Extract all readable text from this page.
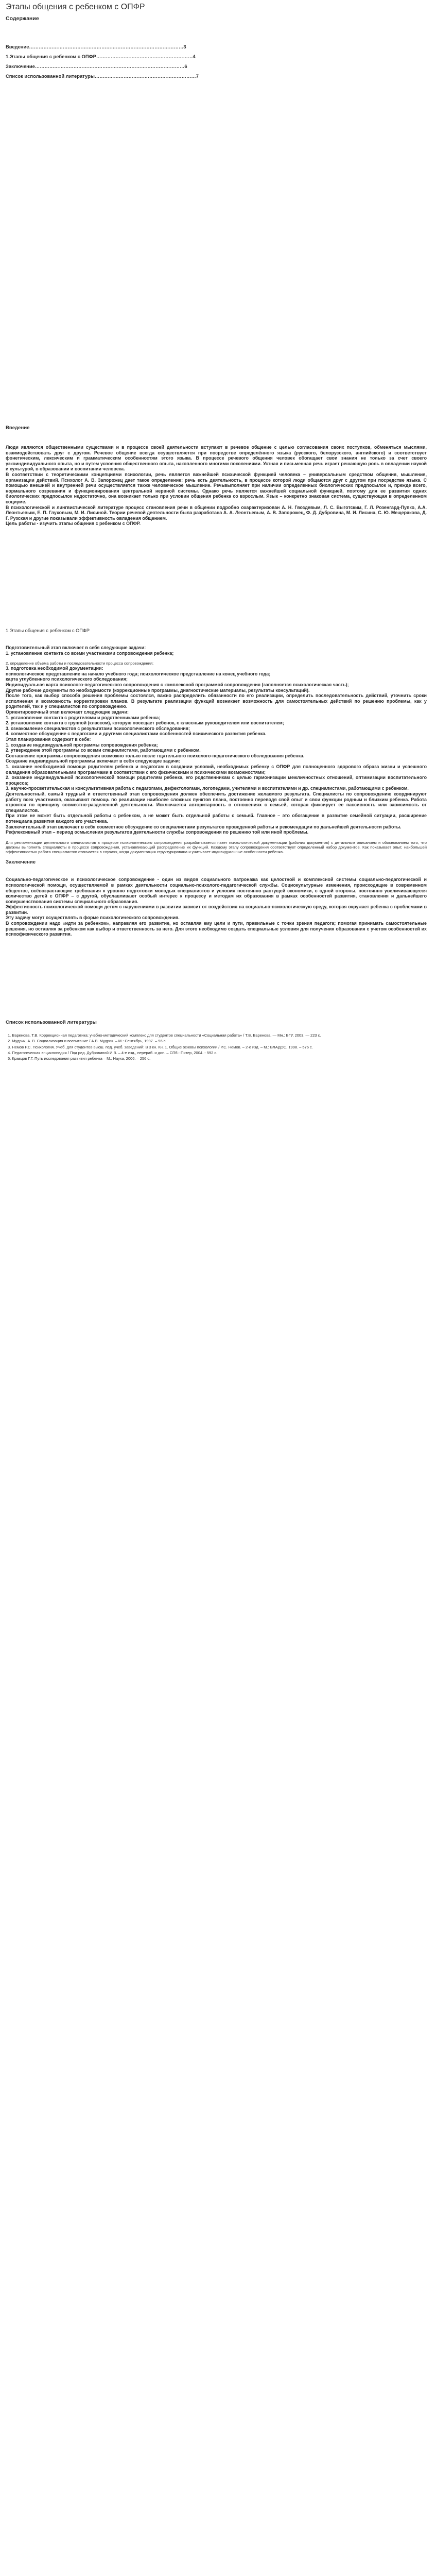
Этапы общения с ребенком с ОПФР
Содержание
Введение……………………………………………………………………………………3
1.Этапы общения с ребенком с ОПФР……………………………………………………4
Заключение…………………………………………………………………………………6
Список использованной литературы………………………………………………………7
Введение

Люди являются общественными существами и в процессе своей деятельности вступают в речевое общение с целью согласования своих поступков, обменяться мыслями, взаимодействовать друг с другом. Речевое общение всегда осуществляется при посредстве определённого языка (русского, белорусского, английского) и соответствует фонетическим, лексическим и грамматическим особенностям этого языка. В процессе речевого общения человек обогащает свои знания не только за счет своего узкоиндивидуального опыта, но и путем усвоения общественного опыта, накопленного многими поколениями. Устная и письменная речь играет решающую роль в овладении наукой и культурой, в образовании и воспитании человека.

В соответствии с теоретическими концепциями психологии, речь является важнейшей психической функцией человека – универсальным средством общения, мышления, организации действий. Психолог А. В. Запорожец дает такое определение: речь есть деятельность, в процессе которой люди общаются друг с другом при посредстве языка. С помощью внешней и внутренней речи осуществляется также человеческое мышление. Речьвыполняет при наличии определенных биологических предпосылок и, прежде всего, нормального созревания и функционирования центральной нервной системы. Однако речь является важнейшей социальной функцией, поэтому для ее развития одних биологических предпосылок недостаточно, она возникает только при условии общения ребенка со взрослым. Язык – конкретно знаковая система, существующая в определенном социуме.

В психологической и лингвистической литературе процесс становления речи в общении подробно охарактеризован А. Н. Гвоздевым, Л. С. Выготским, Г. Л. Розенгард-Пупко, А.А. Леонтьевым, Е. П. Глуховым, М. И. Лисиной. Теории речевой деятельности была разработана А. А. Леонтьевым, А. В. Запорожец, Ф. Д. Дубровина, М. И. Лисина, С. Ю. Мещерякова, Д. Г. Рузская и другие показывали эффективность овладения общением.

Цель работы - изучить этапы общения с ребенком с ОПФР.

1.Этапы общения с ребенком с ОПФР

Подготовительный этап включает в себя следующие задачи:

1. установление контакта со всеми участниками сопровождения ребенка;

2. определение объема работы и последовательности процесса сопровождения;

3. подготовка необходимой документации:

психологическое представление на начало учебного года; психологическое представление на конец учебного года;

карта углубленного психологического обследования;

Индивидуальная карта психолого-педагогического сопровождения с комплексной программой сопровождения (заполняется психологическая часть);

Другие рабочие документы по необходимости (коррекционные программы, диагностические материалы, результаты консультаций).

После того, как выбор способа решения проблемы состоялся, важно распределить обязанности по его реализации, определить последовательность действий, уточнить сроки исполнения и возможность корректировки планов. В результате реализации функций возникает возможность для самостоятельных действий по решению проблемы, как у родителей, так и у специалистов по сопровождению.

Ориентировочный этап включает следующие задачи:

1. установление контакта с родителями и родственниками ребенка;

2. установление контакта с группой (классом), которую посещает ребенок, с классным руководителем или воспитателем;

3. ознакомление специалистов с результатами психологического обследования;

4. совместное обсуждение с педагогами и другими специалистами особенностей психического развития ребенка.

Этап планирования содержит в себе:

1. создание индивидуальной программы сопровождения ребенка;

2. утверждение этой программы со всеми специалистами, работающими с ребенком.

Составление программы сопровождения возможно только после тщательного психолого-педагогического обследования ребенка.

Создание индивидуальной программы включает в себя следующие задачи:

1. оказание необходимой помощи родителям ребенка и педагогам в создании условий, необходимых ребенку с ОПФР для полноценного здорового образа жизни и успешного овладения образовательными программами в соответствии с его физическими и психическими возможностями;

2. оказание индивидуальной психологической помощи родителям ребенка, его родственникам с целью гармонизации межличностных отношений, оптимизации воспитательного процесса;

3. научно-просветительская и консультативная работа с педагогами, дефектологами, логопедами, учителями и воспитателями и др. специалистами, работающими с ребенком.

Деятельностный, самый трудный и ответственный этап сопровождения должен обеспечить достижение желаемого результата. Специалисты по сопровождению координируют работу всех участников, оказывают помощь по реализации наиболее сложных пунктов плана, постоянно переводя свой опыт и свои функции родным и близким ребенка. Работа строится по принципу совместно-разделенной деятельности. Исключается авторитарность в отношениях с семьей, которая фиксирует ее пассивность или зависимость от специалистов.

При этом не может быть отдельной работы с ребенком, а не может быть отдельной работы с семьей. Главное – это обогащение в развитие семейной ситуации, расширение потенциала развития каждого его участника.

Заключительный этап включает в себя совместное обсуждение со специалистами результатов проведенной работы и рекомендации по дальнейшей деятельности работы.

Рефлексивный этап – период осмысления результатов деятельности службы сопровождения по решению той или иной проблемы.

Для регламентации деятельности специалистов в процессе психологического сопровождения разрабатывается пакет психологической документации (рабочих документов) с детальным описанием и обоснованием того, что должны выполнять специалисты в процессе сопровождения, устанавливающий распределение их функций. Каждому этапу сопровождения соответствует определенный набор документов. Как показывает опыт, наибольшей эффективностью работа специалистов отличается в случаях, когда документация структурирована и учитывает индивидуальные особенности ребенка.

Заключение

Социально-педагогическое и психологическое сопровождение - один из видов социального патронажа как целостной и комплексной системы социально-педагогической и психологической помощи, осуществляемой в рамках деятельности социально-психолого-педагогической службы. Социокультурные изменения, происходящие в современном обществе, всёвозрастающие требования к уровню подготовки молодых специалистов и условия постоянно растущей экономики, с одной стороны, постоянно увеличивающееся количество детей с ОПФР – с другой, обуславливают особый интерес к процессу и методам их образования в рамках особенностей развития, становления и дальнейшего совершенствования системы специального образования.

Эффективность психологической помощи детям с нарушениями в развитии зависит от воздействия на социально-психологическую среду, которая окружает ребенка с проблемами в развитии.

Эту задачу могут осуществлять в форме психологического сопровождения.

В сопровождении надо «идти за ребенком», направляя его развитие, но оставляя ему цели и пути, правильные с точки зрения педагога; помогая принимать самостоятельные решения, но оставляя за ребенком как выбор и ответственность за него. Для этого необходимо создать специальные условия для получения образования с учетом особенностей их психофизического развития.

Список использованной литературы
1. Варенова, Т.В. Коррекционная педагогика: учебно-методический комплекс для студентов специальности «Социальная работа» / Т.В. Варенова. — Мн.: БГУ, 2003. — 223 с.
2. Мудрик, А. В. Социализация и воспитание / А.В. Мудрик. – М.: Сентябрь, 1997. – 96 с.
3. Немов Р.С. Психология. Учеб. для студентов высш. пед. учеб. заведений: В 3 кн. Кн. 1. Общие основы психологии / Р.С. Немов. – 2-е изд. – М.: ВЛАДОС, 1998. – 576 с.
4. Педагогическая энциклопедия / Под ред. Дубровиной И.В. – 4-е изд., перераб. и доп. – СПб.: Питер, 2004. - 592 с.
5. Кравцов Г.Г. Путь исследования развития ребенка – М.: Наука, 2006. – 256 с.
